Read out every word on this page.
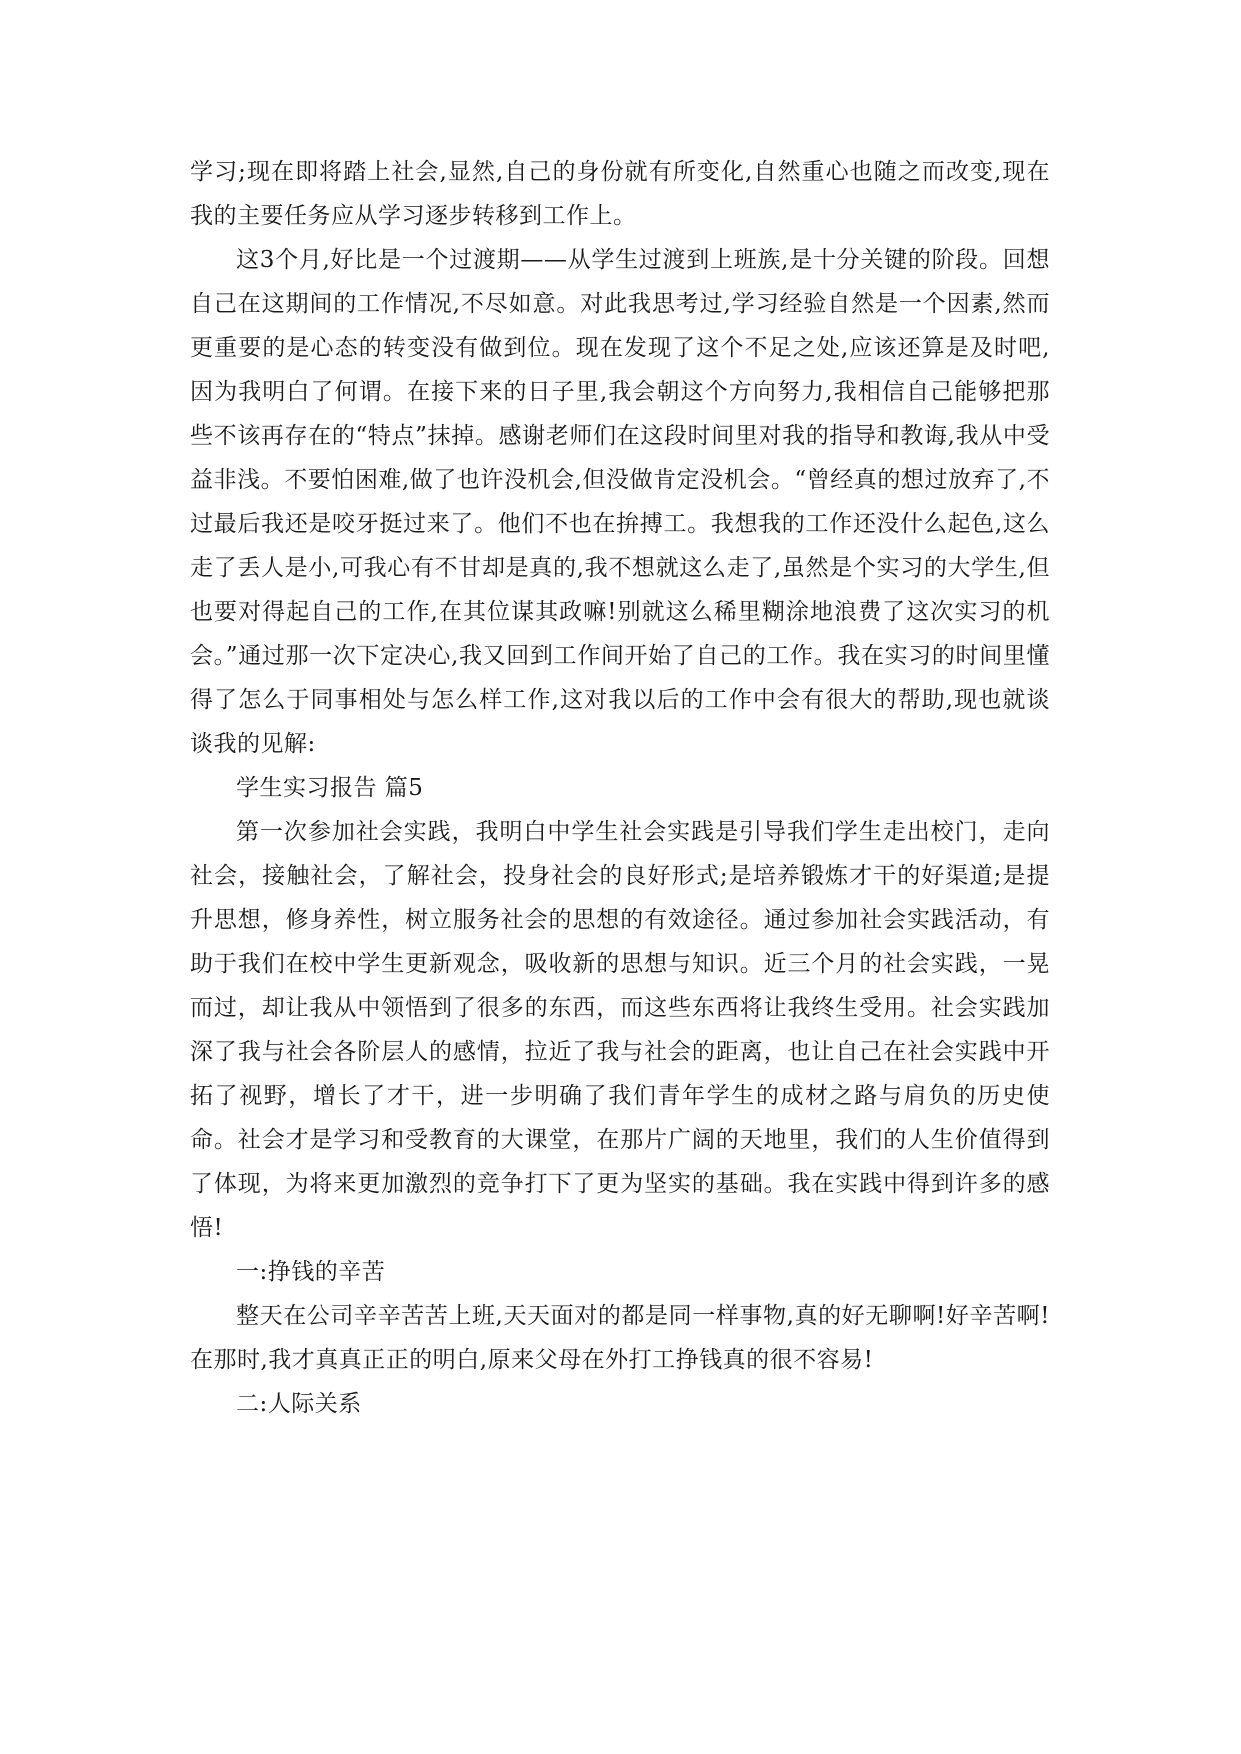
学习;现在即将踏上社会,显然,自己的身份就有所变化,自然重心也随之而改变,现在我的主要任务应从学习逐步转移到工作上。

这3个月,好比是一个过渡期——从学生过渡到上班族,是十分关键的阶段。回想自己在这期间的工作情况,不尽如意。对此我思考过,学习经验自然是一个因素,然而更重要的是心态的转变没有做到位。现在发现了这个不足之处,应该还算是及时吧,因为我明白了何谓。在接下来的日子里,我会朝这个方向努力,我相信自己能够把那些不该再存在的“特点”抹掉。感谢老师们在这段时间里对我的指导和教诲,我从中受益非浅。不要怕困难,做了也许没机会,但没做肯定没机会。“曾经真的想过放弃了,不过最后我还是咬牙挺过来了。他们不也在拚搏工。我想我的工作还没什么起色,这么走了丢人是小,可我心有不甘却是真的,我不想就这么走了,虽然是个实习的大学生,但也要对得起自己的工作,在其位谋其政嘛!别就这么稀里糊涂地浪费了这次实习的机会。”通过那一次下定决心,我又回到工作间开始了自己的工作。我在实习的时间里懂得了怎么于同事相处与怎么样工作,这对我以后的工作中会有很大的帮助,现也就谈谈我的见解:

学生实习报告 篇5

第一次参加社会实践，我明白中学生社会实践是引导我们学生走出校门，走向社会，接触社会，了解社会，投身社会的良好形式;是培养锻炼才干的好渠道;是提升思想，修身养性，树立服务社会的思想的有效途径。通过参加社会实践活动，有助于我们在校中学生更新观念，吸收新的思想与知识。近三个月的社会实践，一晃而过，却让我从中领悟到了很多的东西，而这些东西将让我终生受用。社会实践加深了我与社会各阶层人的感情，拉近了我与社会的距离，也让自己在社会实践中开拓了视野，增长了才干，进一步明确了我们青年学生的成材之路与肩负的历史使命。社会才是学习和受教育的大课堂，在那片广阔的天地里，我们的人生价值得到了体现，为将来更加激烈的竞争打下了更为坚实的基础。我在实践中得到许多的感悟!

一:挣钱的辛苦

整天在公司辛辛苦苦上班,天天面对的都是同一样事物,真的好无聊啊!好辛苦啊!在那时,我才真真正正的明白,原来父母在外打工挣钱真的很不容易!

二:人际关系
